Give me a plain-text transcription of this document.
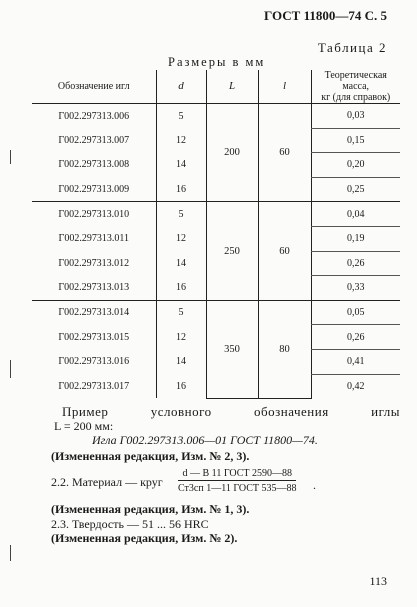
ГОСТ 11800—74 С. 5
Таблица 2
Размеры в мм
Обозначение игл	d	L	l	Теоретическая масса,
кг (для справок)
Г002.297313.006	5	200	60	0,03
Г002.297313.007	12			0,15
Г002.297313.008	14			0,20
Г002.297313.009	16			0,25
Г002.297313.010	5	250	60	0,04
Г002.297313.011	12			0,19
Г002.297313.012	14			0,26
Г002.297313.013	16			0,33
Г002.297313.014	5	350	80	0,05
Г002.297313.015	12			0,26
Г002.297313.016	14			0,41
Г002.297313.017	16			0,42
Пример	условного	обозначения	иглы
L = 200 мм:
Игла Г002.297313.006—01 ГОСТ 11800—74.
(Измененная редакция, Изм. № 2, 3).
2.2. Материал — круг
d — В 11 ГОСТ 2590—88
Ст3сп 1—11 ГОСТ 535—88 .
(Измененная редакция, Изм. № 1, 3).
2.3. Твердость — 51 ... 56 HRC
(Измененная редакция, Изм. № 2).
113
